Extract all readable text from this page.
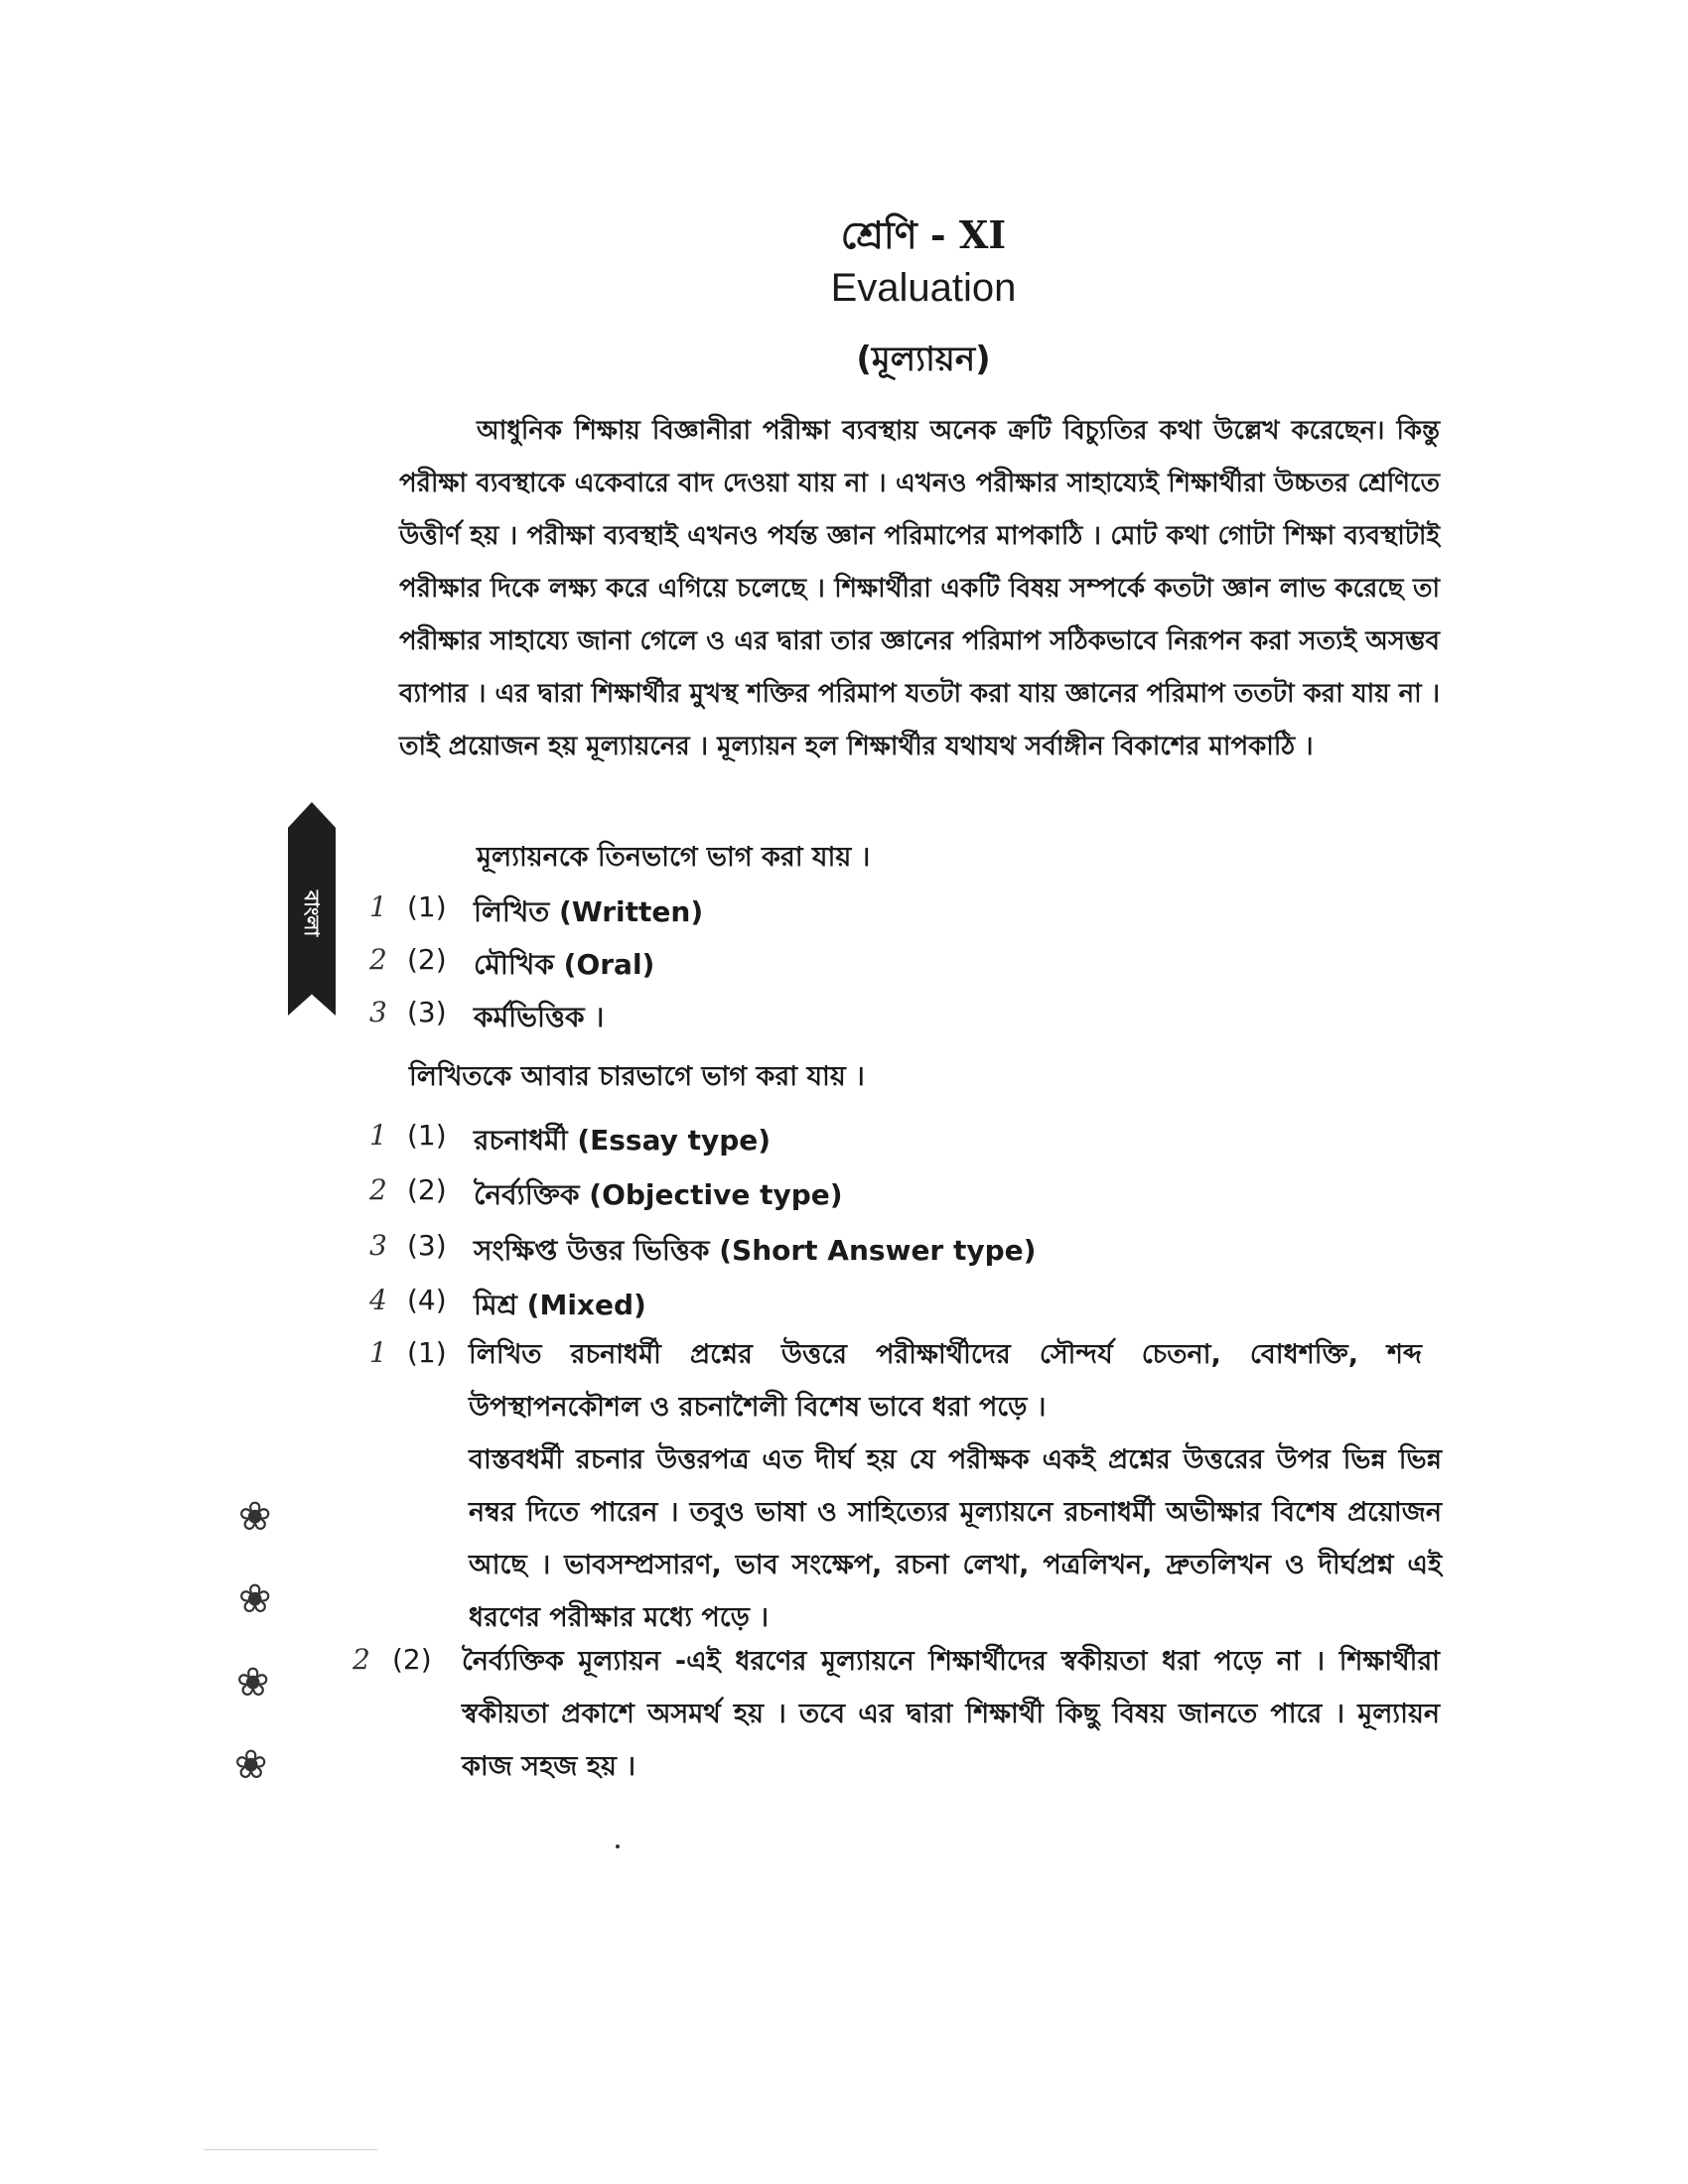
শ্রেণি - XI
Evaluation
(মূল্যায়ন)

আধুনিক শিক্ষায় বিজ্ঞানীরা পরীক্ষা ব্যবস্থায় অনেক ক্রটি বিচ্যুতির কথা উল্লেখ করেছেন। কিন্তু পরীক্ষা ব্যবস্থাকে একেবারে বাদ দেওয়া যায় না । এখনও পরীক্ষার সাহায্যেই শিক্ষার্থীরা উচ্চতর শ্রেণিতে উত্তীর্ণ হয় । পরীক্ষা ব্যবস্থাই এখনও পর্যন্ত জ্ঞান পরিমাপের মাপকাঠি । মোট কথা গোটা শিক্ষা ব্যবস্থাটাই পরীক্ষার দিকে লক্ষ্য করে এগিয়ে চলেছে । শিক্ষার্থীরা একটি বিষয় সম্পর্কে কতটা জ্ঞান লাভ করেছে তা পরীক্ষার সাহায্যে জানা গেলে ও এর দ্বারা তার জ্ঞানের পরিমাপ সঠিকভাবে নিরূপন করা সত্যই অসম্ভব ব্যাপার । এর দ্বারা শিক্ষার্থীর মুখস্থ শক্তির পরিমাপ যতটা করা যায় জ্ঞানের পরিমাপ ততটা করা যায় না । তাই প্রয়োজন হয় মূল্যায়নের । মূল্যায়ন হল শিক্ষার্থীর যথাযথ সর্বাঙ্গীন বিকাশের মাপকাঠি ।

বাংলা
মূল্যায়নকে তিনভাগে ভাগ করা যায় ।
1 (1) লিখিত (Written)
2 (2) মৌখিক (Oral)
3 (3) কর্মভিত্তিক ।
লিখিতকে আবার চারভাগে ভাগ করা যায় ।
1 (1) রচনাধর্মী (Essay type)
2 (2) নৈর্ব্যক্তিক (Objective type)
3 (3) সংক্ষিপ্ত উত্তর ভিত্তিক (Short Answer type)
4 (4) মিশ্র (Mixed)
1 (1) লিখিত রচনাধর্মী প্রশ্নের উত্তরে পরীক্ষার্থীদের সৌন্দর্য চেতনা, বোধশক্তি, শব্দ উপস্থাপনকৌশল ও রচনাশৈলী বিশেষ ভাবে ধরা পড়ে ।
বাস্তবধর্মী রচনার উত্তরপত্র এত দীর্ঘ হয় যে পরীক্ষক একই প্রশ্নের উত্তরের উপর ভিন্ন ভিন্ন নম্বর দিতে পারেন । তবুও ভাষা ও সাহিত্যের মূল্যায়নে রচনাধর্মী অভীক্ষার বিশেষ প্রয়োজন আছে । ভাবসম্প্রসারণ, ভাব সংক্ষেপ, রচনা লেখা, পত্রলিখন, দ্রুতলিখন ও দীর্ঘপ্রশ্ন এই ধরণের পরীক্ষার মধ্যে পড়ে ।
2 (2) নৈর্ব্যক্তিক মূল্যায়ন -এই ধরণের মূল্যায়নে শিক্ষার্থীদের স্বকীয়তা ধরা পড়ে না । শিক্ষার্থীরা স্বকীয়তা প্রকাশে অসমর্থ হয় । তবে এর দ্বারা শিক্ষার্থী কিছু বিষয় জানতে পারে । মূল্যায়ন কাজ সহজ হয় ।
❀
❀
❀
❀
